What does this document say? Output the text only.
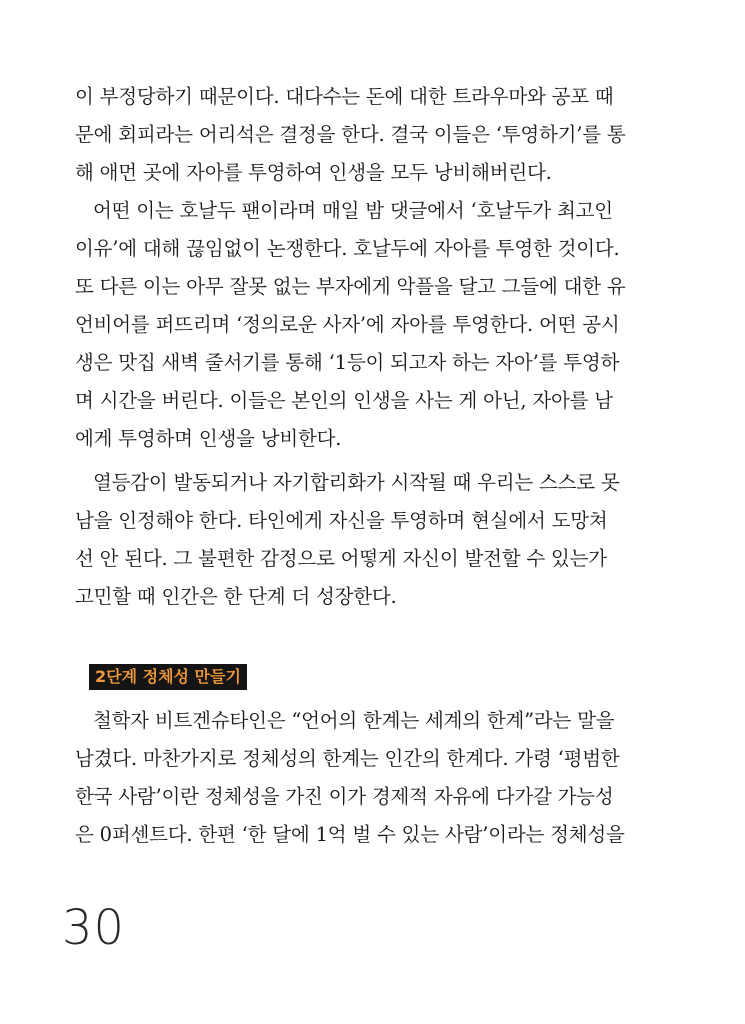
이 부정당하기 때문이다. 대다수는 돈에 대한 트라우마와 공포 때
문에 회피라는 어리석은 결정을 한다. 결국 이들은 ‘투영하기’를 통
해 애먼 곳에 자아를 투영하여 인생을 모두 낭비해버린다.
어떤 이는 호날두 팬이라며 매일 밤 댓글에서 ‘호날두가 최고인
이유’에 대해 끊임없이 논쟁한다. 호날두에 자아를 투영한 것이다.
또 다른 이는 아무 잘못 없는 부자에게 악플을 달고 그들에 대한 유
언비어를 퍼뜨리며 ‘정의로운 사자’에 자아를 투영한다. 어떤 공시
생은 맛집 새벽 줄서기를 통해 ‘1등이 되고자 하는 자아’를 투영하
며 시간을 버린다. 이들은 본인의 인생을 사는 게 아닌, 자아를 남
에게 투영하며 인생을 낭비한다.
열등감이 발동되거나 자기합리화가 시작될 때 우리는 스스로 못
남을 인정해야 한다. 타인에게 자신을 투영하며 현실에서 도망쳐
선 안 된다. 그 불편한 감정으로 어떻게 자신이 발전할 수 있는가
고민할 때 인간은 한 단계 더 성장한다.
2단계 정체성 만들기
철학자 비트겐슈타인은 “언어의 한계는 세계의 한계”라는 말을
남겼다. 마찬가지로 정체성의 한계는 인간의 한계다. 가령 ‘평범한
한국 사람’이란 정체성을 가진 이가 경제적 자유에 다가갈 가능성
은 0퍼센트다. 한편 ‘한 달에 1억 벌 수 있는 사람’이라는 정체성을
30
